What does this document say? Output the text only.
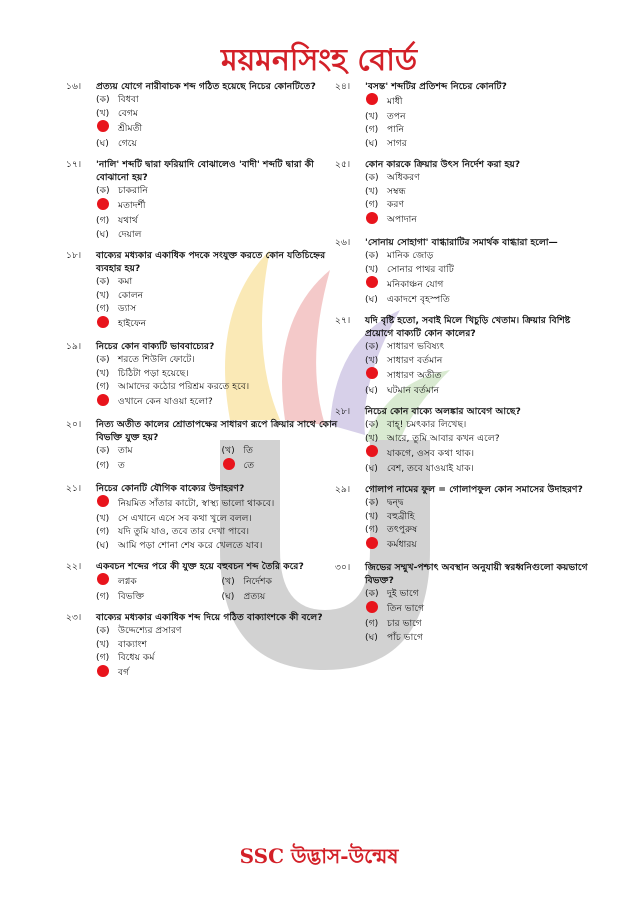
ময়মনসিংহ বোর্ড
১৬।	প্রত্যয় যোগে নারীবাচক শব্দ গঠিত হয়েছে নিচের কোনটিতে?
(ক) বিধবা
(খ) বেগম
শ্রীমতী
(ঘ) গেয়ে
১৭।	'নালি' শব্দটি দ্বারা ফরিয়াদি বোঝালেও 'বাদী' শব্দটি দ্বারা কী বোঝানো হয়?
(ক) চাকরানি
মতাদর্শী
(গ) যথার্থ
(ঘ) দেয়াল
১৮।	বাক্যের মধ্যকার একাধিক পদকে সংযুক্ত করতে কোন যতিচিহ্নের ব্যবহার হয়?
(ক) কমা
(খ) কোলন
(গ) ড্যাস
হাইফেন
১৯।	নিচের কোন বাক্যটি ভাববাচ্যের?
(ক) শরতে শিউলি ফোটে।
(খ) চিঠিটা পড়া হয়েছে।
(গ) আমাদের কঠোর পরিশ্রম করতে হবে।
ওখানে কেন যাওয়া হলো?
২০।	নিত্য অতীত কালের শ্রোতাপক্ষের সাধারণ রূপে ক্রিয়ার সাথে কোন বিভক্তি যুক্ত হয়?
(ক) তাম	(খ) তি
(গ) ত	তে
২১।	নিচের কোনটি যৌগিক বাক্যের উদাহরণ?
নিয়মিত সাঁতার কাটো, স্বাস্থ্য ভালো থাকবে।
(খ) সে এখানে এসে সব কথা খুলে বলল।
(গ) যদি তুমি যাও, তবে তার দেখা পাবে।
(ঘ) আমি পড়া শোনা শেষ করে খেলতে যাব।
২২।	একবচন শব্দের পরে কী যুক্ত হয়ে বহুবচন শব্দ তৈরি করে?
লগ্নক	(খ) নির্দেশক
(গ) বিভক্তি	(ঘ) প্রত্যয়
২৩।	বাক্যের মধ্যকার একাধিক শব্দ দিয়ে গঠিত বাক্যাংশকে কী বলে?
(ক) উদ্দেশ্যের প্রসারণ
(খ) বাক্যাংশ
(গ) বিধেয় কর্ম
বর্গ
২৪।	'বসন্ত' শব্দটির প্রতিশব্দ নিচের কোনটি?
মাধী
(খ) তপন
(গ) পানি
(ঘ) সাগর
২৫।	কোন কারকে ক্রিয়ার উৎস নির্দেশ করা হয়?
(ক) অধিকরণ
(খ) সম্বন্ধ
(গ) করণ
অপাদান
২৬।	'সোনায় সোহাগা' বাগ্ধারাটির সমার্থক বাগ্ধারা হলো—
(ক) মানিক জোড়
(খ) সোনার পাথর বাটি
মনিকাঞ্চন যোগ
(ঘ) একাদশে বৃহস্পতি
২৭।	যদি বৃষ্টি হতো, সবাই মিলে খিচুড়ি খেতাম। ক্রিয়ার বিশিষ্ট প্রয়োগে বাক্যটি কোন কালের?
(ক) সাধারণ ভবিষ্যৎ
(খ) সাধারণ বর্তমান
সাধারণ অতীত
(ঘ) ঘটমান বর্তমান
২৮।	নিচের কোন বাক্যে অলঙ্কার আবেগ আছে?
(ক) বাহ্! চমৎকার লিখেছ।
(খ) আরে, তুমি আবার কখন এলে?
যাকগে, ওসব কথা থাক।
(ঘ) বেশ, তবে যাওয়াই যাক।
২৯।	গোলাপ নামের ফুল = গোলাপফুল কোন সমাসের উদাহরণ?
(ক) দ্বন্দ্ব
(খ) বহুব্রীহি
(গ) তৎপুরুষ
কর্মধারয়
৩০।	জিভের সম্মুখ-পশ্চাৎ অবস্থান অনুযায়ী স্বরধ্বনিগুলো কয়ভাগে বিভক্ত?
(ক) দুই ভাগে
তিন ভাগে
(গ) চার ভাগে
(ঘ) পাঁচ ভাগে
SSC উদ্ভাস-উন্মেষ
